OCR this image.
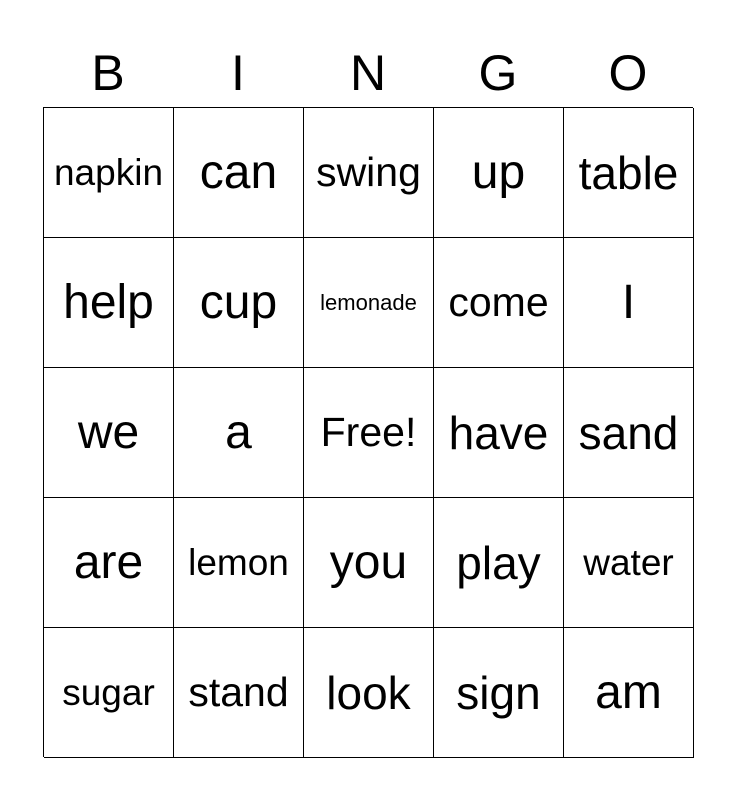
B	I	N	G	O
napkin can swing up table
help cup lemonade come I
we a Free! have sand
are lemon you play water
sugar stand look sign am
